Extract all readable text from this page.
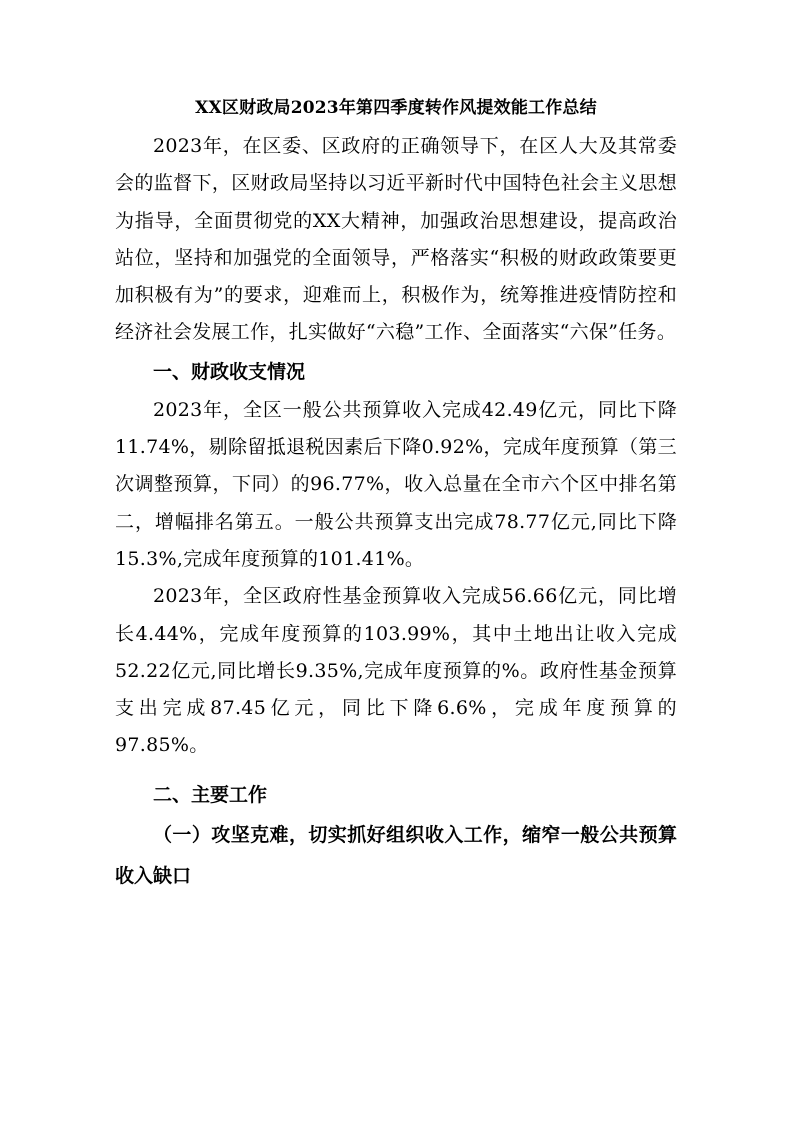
XX区财政局2023年第四季度转作风提效能工作总结

2023年，在区委、区政府的正确领导下，在区人大及其常委会的监督下，区财政局坚持以习近平新时代中国特色社会主义思想为指导，全面贯彻党的XX大精神，加强政治思想建设，提高政治站位，坚持和加强党的全面领导，严格落实“积极的财政政策要更加积极有为”的要求，迎难而上，积极作为，统筹推进疫情防控和经济社会发展工作，扎实做好“六稳”工作、全面落实“六保”任务。

一、财政收支情况

2023年，全区一般公共预算收入完成42.49亿元，同比下降11.74%，剔除留抵退税因素后下降0.92%，完成年度预算（第三次调整预算，下同）的96.77%，收入总量在全市六个区中排名第二，增幅排名第五。一般公共预算支出完成78.77亿元,同比下降15.3%,完成年度预算的101.41%。

2023年，全区政府性基金预算收入完成56.66亿元，同比增长4.44%，完成年度预算的103.99%，其中土地出让收入完成52.22亿元,同比增长9.35%,完成年度预算的%。政府性基金预算支出完成87.45亿元，同比下降6.6%，完成年度预算的97.85%。

二、主要工作

（一）攻坚克难，切实抓好组织收入工作，缩窄一般公共预算收入缺口
